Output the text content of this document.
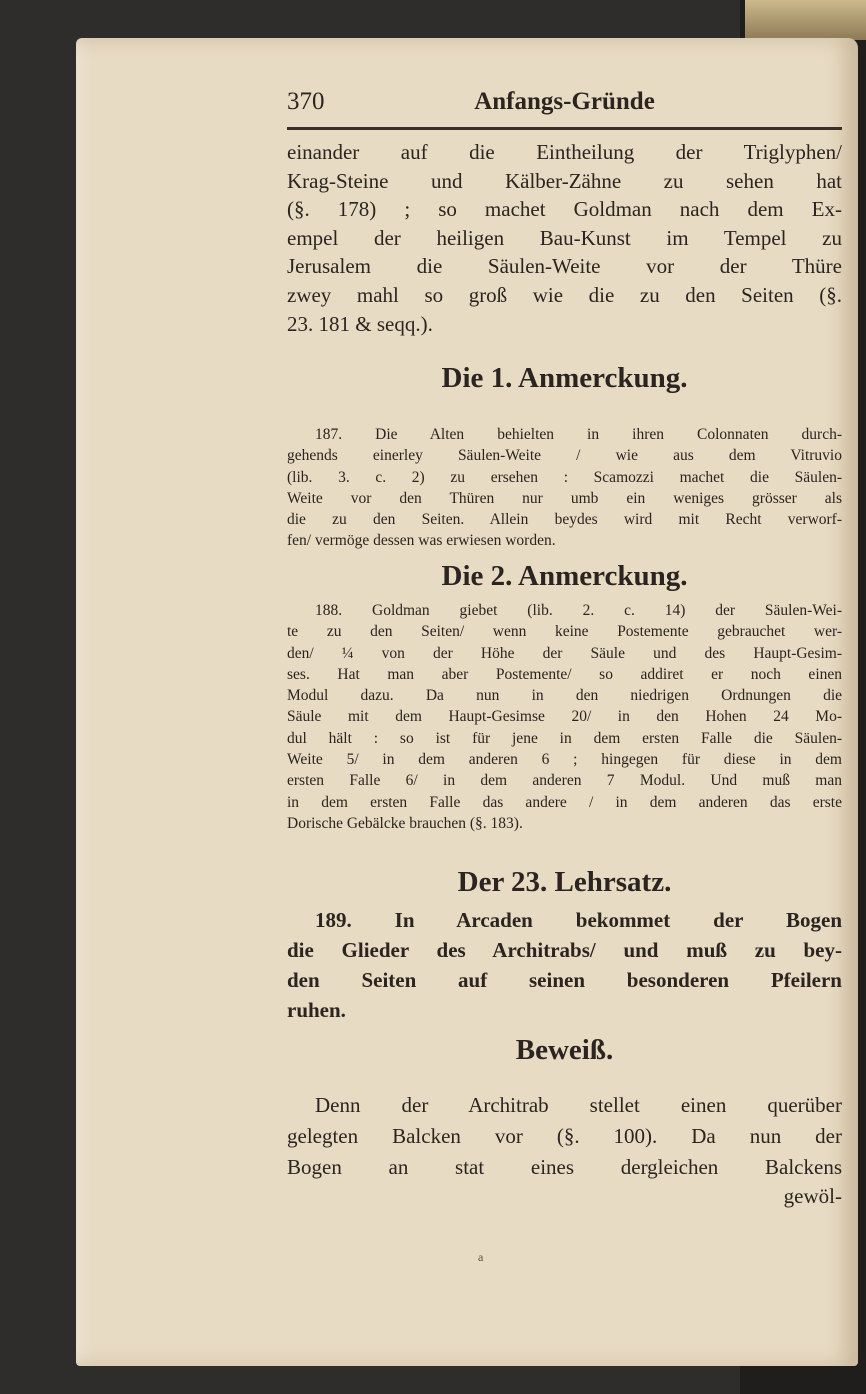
370	Anfangs-Gründe
einander auf die Eintheilung der Triglyphen/
Krag-Steine und Kälber-Zähne zu sehen hat
(§. 178) ; so machet Goldman nach dem Ex-
empel der heiligen Bau-Kunst im Tempel zu
Jerusalem die Säulen-Weite vor der Thüre
zwey mahl so groß wie die zu den Seiten (§.
23. 181 & seqq.).
Die 1. Anmerckung.
187. Die Alten behielten in ihren Colonnaten durch-
gehends einerley Säulen-Weite / wie aus dem Vitruvio
(lib. 3. c. 2) zu ersehen : Scamozzi machet die Säulen-
Weite vor den Thüren nur umb ein weniges grösser als
die zu den Seiten. Allein beydes wird mit Recht verworf-
fen/ vermöge dessen was erwiesen worden.
Die 2. Anmerckung.
188. Goldman giebet (lib. 2. c. 14) der Säulen-Wei-
te zu den Seiten/ wenn keine Postemente gebrauchet wer-
den/ ¼ von der Höhe der Säule und des Haupt-Gesim-
ses. Hat man aber Postemente/ so addiret er noch einen
Modul dazu. Da nun in den niedrigen Ordnungen die
Säule mit dem Haupt-Gesimse 20/ in den Hohen 24 Mo-
dul hält : so ist für jene in dem ersten Falle die Säulen-
Weite 5/ in dem anderen 6 ; hingegen für diese in dem
ersten Falle 6/ in dem anderen 7 Modul. Und muß man
in dem ersten Falle das andere / in dem anderen das erste
Dorische Gebälcke brauchen (§. 183).
Der 23. Lehrsatz.
189. In Arcaden bekommet der Bogen
die Glieder des Architrabs/ und muß zu bey-
den Seiten auf seinen besonderen Pfeilern
ruhen.
Beweiß.
Denn der Architrab stellet einen querüber
gelegten Balcken vor (§. 100). Da nun der
Bogen an stat eines dergleichen Balckens
gewöl-
a
